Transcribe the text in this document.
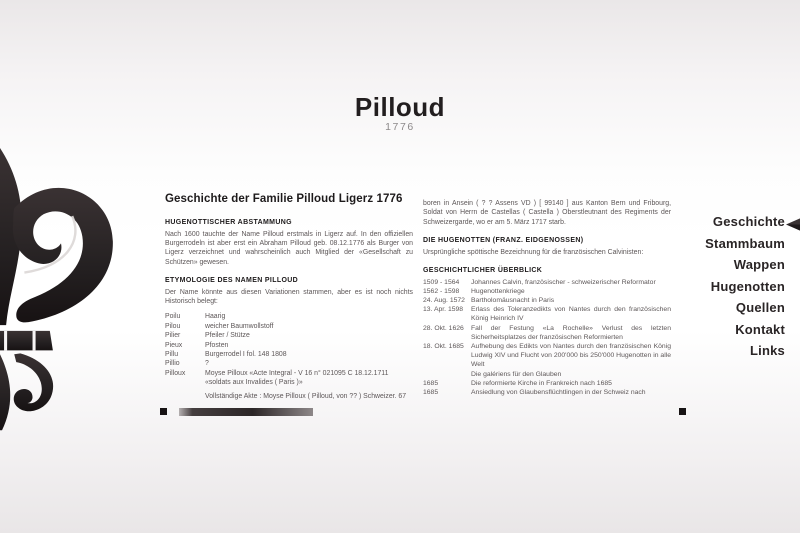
Pilloud
1776
Geschichte der Familie Pilloud Ligerz 1776
HUGENOTTISCHER ABSTAMMUNG

Nach 1600 tauchte der Name Pilloud erstmals in Ligerz auf. In den offiziellen Burgerrodeln ist aber erst ein Abraham Pilloud geb. 08.12.1776 als Burger von Ligerz verzeichnet und wahrscheinlich auch Mitglied der «Gesellschaft zu Schützen» gewesen.

ETYMOLOGIE DES NAMEN PILLOUD

Der Name könnte aus diesen Variationen stammen, aber es ist noch nichts Historisch belegt:

Poilu	Haarig
Pilou	weicher Baumwollstoff
Pilier	Pfeiler / Stütze
Pieux	Pfosten
Pillu	Burgerrodel I fol. 148 1808
Pillio	?
Pilloux	Moyse Pilloux «Acte Integral - V 16 n° 021095 C 18.12.1711
«soldats aux Invalides ( Paris )»
Vollständige Akte : Moyse Pilloux ( Pilloud, von ?? ) Schweizer. 67

boren in Ansein ( ? ? Assens VD ) [ 99140 ] aus Kanton Bern und Fribourg, Soldat von Herrn de Castellas ( Castella ) Oberstleutnant des Regiments der Schweizergarde, wo er am 5. März 1717 starb.

DIE HUGENOTTEN (FRANZ. EIDGENOSSEN)

Ursprüngliche spöttische Bezeichnung für die französischen Calvinisten:

GESCHICHTLICHER ÜBERBLICK
1509 - 1564	Johannes Calvin, französischer - schweizerischer Reformator
1562 - 1598	Hugenottenkriege
24. Aug. 1572 Bartholomäusnacht in Paris
13. Apr. 1598	Erlass des Toleranzedikts von Nantes durch den französischen König Heinrich IV
28. Okt. 1626	Fall der Festung «La Rochelle» Verlust des letzten Sicherheitsplatzes der französischen Reformierten
18. Okt. 1685	Aufhebung des Edikts von Nantes durch den französischen König Ludwig XIV und Flucht von 200'000 bis 250'000 Hugenotten in alle Welt
Die galériens für den Glauben
1685	Die reformierte Kirche in Frankreich nach 1685
1685	Ansiedlung von Glaubensflüchtlingen in der Schweiz nach
Geschichte
Stammbaum
Wappen
Hugenotten
Quellen
Kontakt
Links
